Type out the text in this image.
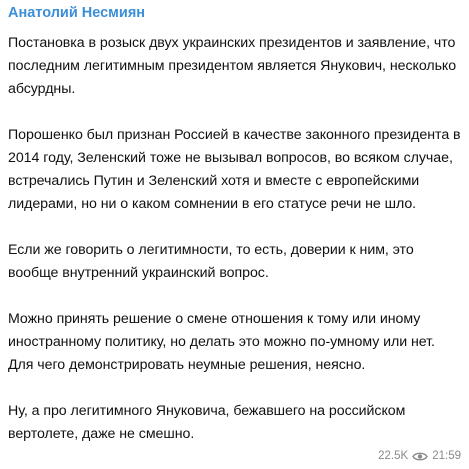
Анатолий Несмиян

Постановка в розыск двух украинских президентов и заявление, что последним легитимным президентом является Янукович, несколько абсурдны.

Порошенко был признан Россией в качестве законного президента в 2014 году, Зеленский тоже не вызывал вопросов, во всяком случае, встречались Путин и Зеленский хотя и вместе с европейскими лидерами, но ни о каком сомнении в его статусе речи не шло.

Если же говорить о легитимности, то есть, доверии к ним, это вообще внутренний украинский вопрос.

Можно принять решение о смене отношения к тому или иному иностранному политику, но делать это можно по-умному или нет. Для чего демонстрировать неумные решения, неясно.

Ну, а про легитимного Януковича, бежавшего на российском вертолете, даже не смешно.

22.5K 21:59
